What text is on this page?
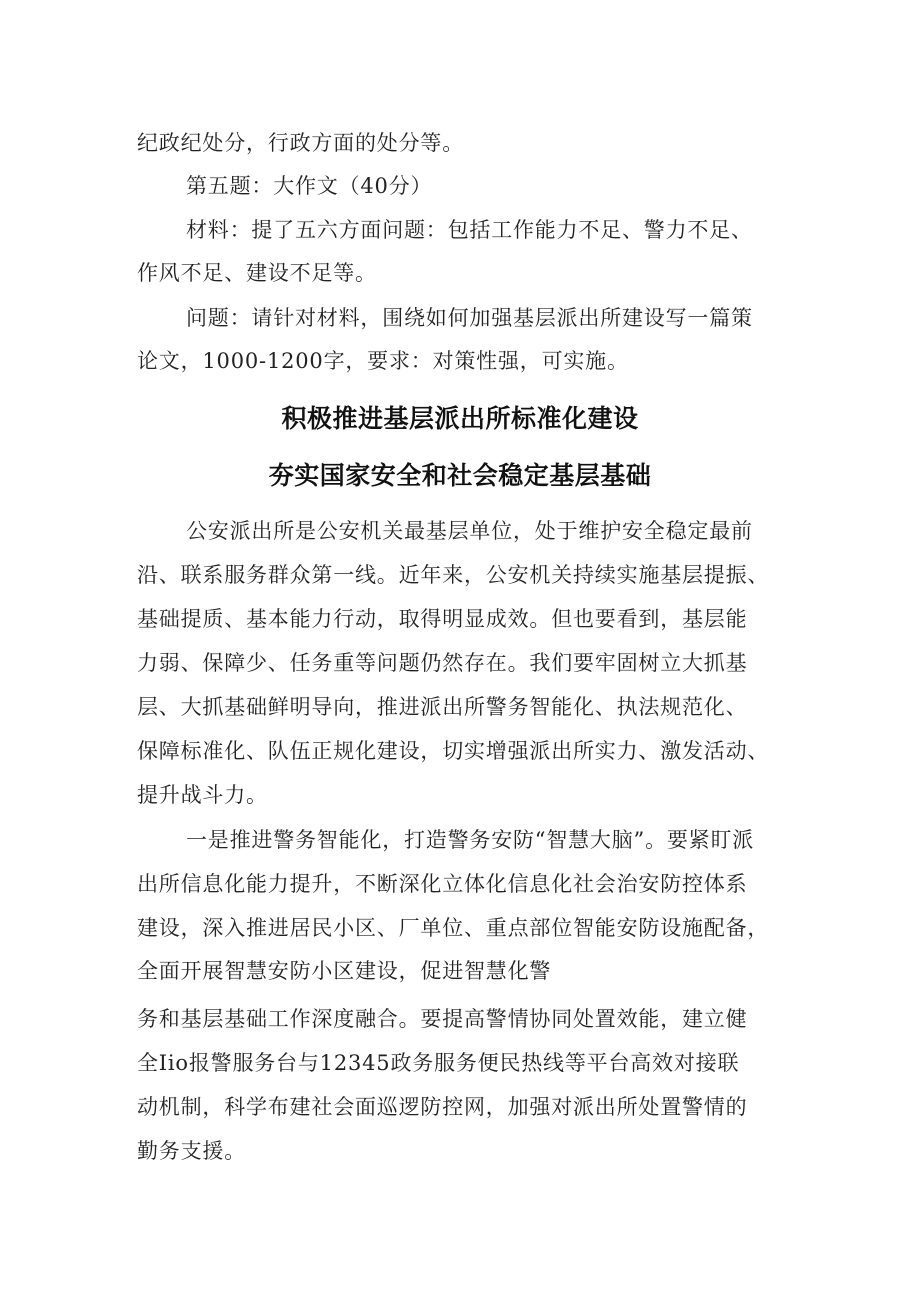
纪政纪处分，行政方面的处分等。
第五题：大作文（40分）
材料：提了五六方面问题：包括工作能力不足、警力不足、
作风不足、建设不足等。
问题：请针对材料，围绕如何加强基层派出所建设写一篇策
论文，1000-1200字，要求：对策性强，可实施。
积极推进基层派出所标准化建设
夯实国家安全和社会稳定基层基础
公安派出所是公安机关最基层单位，处于维护安全稳定最前
沿、联系服务群众第一线。近年来，公安机关持续实施基层提振、
基础提质、基本能力行动，取得明显成效。但也要看到，基层能
力弱、保障少、任务重等问题仍然存在。我们要牢固树立大抓基
层、大抓基础鲜明导向，推进派出所警务智能化、执法规范化、
保障标准化、队伍正规化建设，切实增强派出所实力、激发活动、
提升战斗力。
一是推进警务智能化，打造警务安防“智慧大脑”。要紧盯派
出所信息化能力提升，不断深化立体化信息化社会治安防控体系
建设，深入推进居民小区、厂单位、重点部位智能安防设施配备，
全面开展智慧安防小区建设，促进智慧化警
务和基层基础工作深度融合。要提高警情协同处置效能，建立健
全Iio报警服务台与12345政务服务便民热线等平台高效对接联
动机制，科学布建社会面巡逻防控网，加强对派出所处置警情的
勤务支援。
